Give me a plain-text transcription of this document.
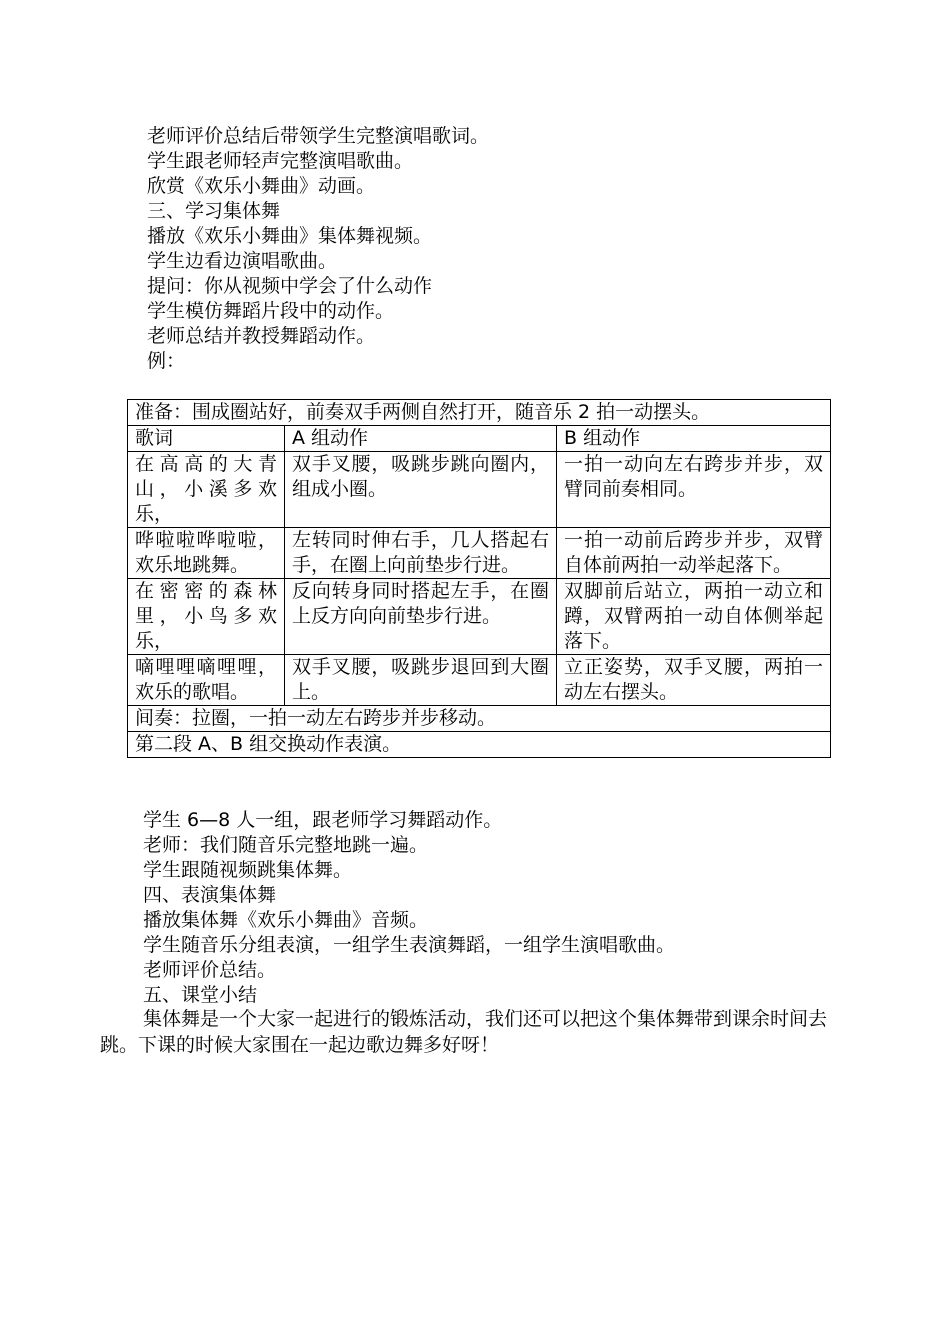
老师评价总结后带领学生完整演唱歌词。
学生跟老师轻声完整演唱歌曲。
欣赏《欢乐小舞曲》动画。
三、学习集体舞
播放《欢乐小舞曲》集体舞视频。
学生边看边演唱歌曲。
提问：你从视频中学会了什么动作
学生模仿舞蹈片段中的动作。
老师总结并教授舞蹈动作。
例：
准备：围成圈站好，前奏双手两侧自然打开，随音乐 2 拍一动摆头。		
歌词	A 组动作	B 组动作
在高高的大青山，小溪多欢乐，	双手叉腰，吸跳步跳向圈内，组成小圈。	一拍一动向左右跨步并步，双臂同前奏相同。
哗啦啦哗啦啦，欢乐地跳舞。	左转同时伸右手，几人搭起右手，在圈上向前垫步行进。	一拍一动前后跨步并步，双臂自体前两拍一动举起落下。
在密密的森林里，小鸟多欢乐，	反向转身同时搭起左手，在圈上反方向向前垫步行进。	双脚前后站立，两拍一动立和蹲，双臂两拍一动自体侧举起落下。
嘀哩哩嘀哩哩，欢乐的歌唱。	双手叉腰，吸跳步退回到大圈上。	立正姿势，双手叉腰，两拍一动左右摆头。
间奏：拉圈，一拍一动左右跨步并步移动。		
第二段 A、B 组交换动作表演。		
学生 6—8 人一组，跟老师学习舞蹈动作。
老师：我们随音乐完整地跳一遍。
学生跟随视频跳集体舞。
四、表演集体舞
播放集体舞《欢乐小舞曲》音频。
学生随音乐分组表演，一组学生表演舞蹈，一组学生演唱歌曲。
老师评价总结。
五、课堂小结
集体舞是一个大家一起进行的锻炼活动，我们还可以把这个集体舞带到课余时间去跳。下课的时候大家围在一起边歌边舞多好呀！
